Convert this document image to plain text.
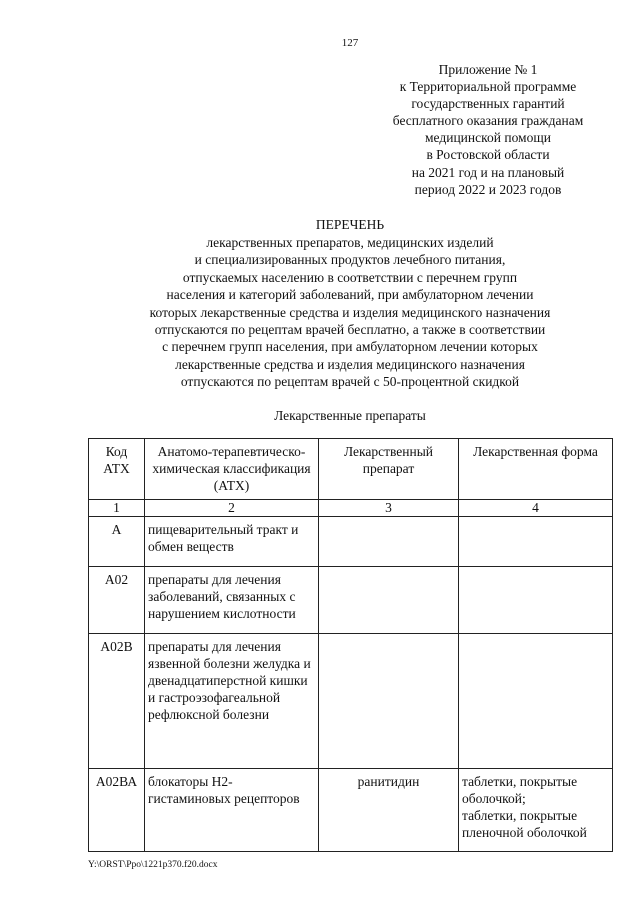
127
Приложение № 1
к Территориальной программе
государственных гарантий
бесплатного оказания гражданам
медицинской помощи
в Ростовской области
на 2021 год и на плановый
период 2022 и 2023 годов
ПЕРЕЧЕНЬ
лекарственных препаратов, медицинских изделий
и специализированных продуктов лечебного питания,
отпускаемых населению в соответствии с перечнем групп
населения и категорий заболеваний, при амбулаторном лечении
которых лекарственные средства и изделия медицинского назначения
отпускаются по рецептам врачей бесплатно, а также в соответствии
с перечнем групп населения, при амбулаторном лечении которых
лекарственные средства и изделия медицинского назначения
отпускаются по рецептам врачей с 50-процентной скидкой
Лекарственные препараты
Код АТХ	Анатомо-терапевтическо-химическая классификация (АТХ)	Лекарственный препарат	Лекарственная форма
1	2	3	4
А	пищеварительный тракт и обмен веществ		
А02	препараты для лечения заболеваний, связанных с нарушением кислотности		
А02В	препараты для лечения язвенной болезни желудка и двенадцатиперстной кишки и гастроэзофагеальной рефлюксной болезни		
А02ВА	блокаторы Н2-гистаминовых рецепторов	ранитидин	таблетки, покрытые оболочкой;
таблетки, покрытые пленочной оболочкой
Y:\ORST\Ppo\1221p370.f20.docx
